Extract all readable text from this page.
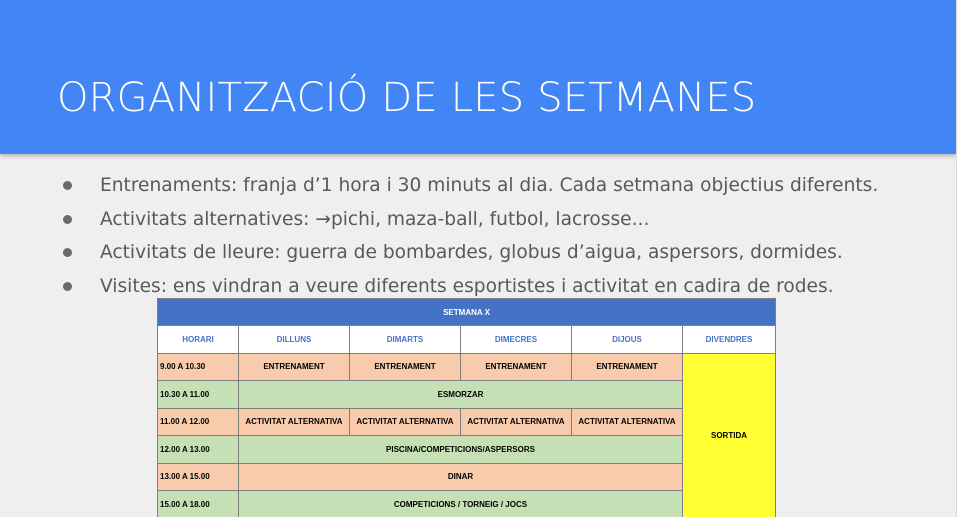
ORGANITZACIÓ DE LES SETMANES
Entrenaments: franja d’1 hora i 30 minuts al dia. Cada setmana objectius diferents.
Activitats alternatives: →pichi, maza-ball, futbol, lacrosse...
Activitats de lleure: guerra de bombardes, globus d’aigua, aspersors, dormides.
Visites: ens vindran a veure diferents esportistes i activitat en cadira de rodes.
SETMANA X					
HORARI	DILLUNS	DIMARTS	DIMECRES	DIJOUS	DIVENDRES
9.00 A 10.30	ENTRENAMENT	ENTRENAMENT	ENTRENAMENT	ENTRENAMENT	SORTIDA
10.30 A 11.00	ESMORZAR				
11.00 A 12.00	ACTIVITAT ALTERNATIVA	ACTIVITAT ALTERNATIVA	ACTIVITAT ALTERNATIVA	ACTIVITAT ALTERNATIVA	
12.00 A 13.00	PISCINA/COMPETICIONS/ASPERSORS				
13.00 A 15.00	DINAR				
15.00 A 18.00	COMPETICIONS / TORNEIG / JOCS				
